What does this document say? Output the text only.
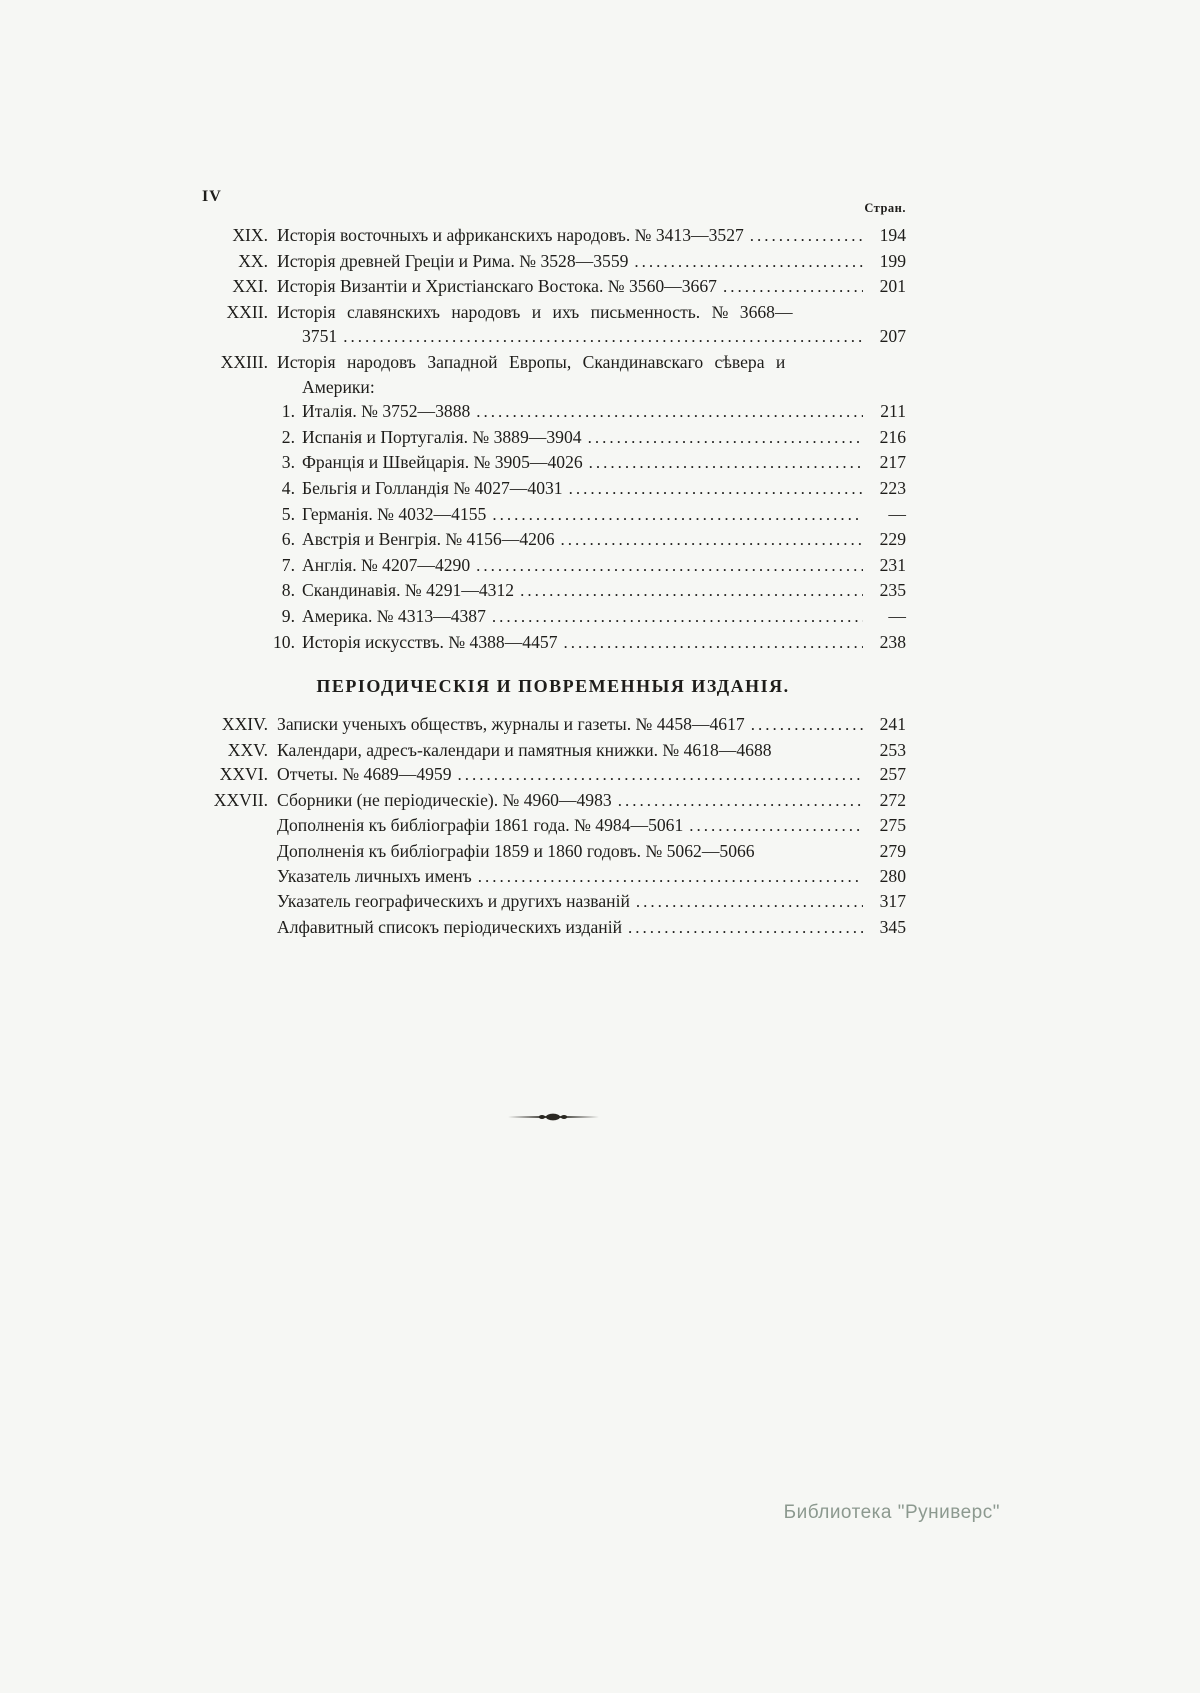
IV
Стран.
XIX. Исторія восточныхъ и африканскихъ народовъ. № 3413—3527 .....	194
XX. Исторія древней Греціи и Рима. № 3528—3559 .....	199
XXI. Исторія Византіи и Христіанскаго Востока. № 3560—3667 .....	201
XXII. Исторія славянскихъ народовъ и ихъ письменность. № 3668—
3751 .....	207
XXIII. Исторія народовъ Западной Европы, Скандинавскаго сѣвера и
Америки:
1. Италія. № 3752—3888 .....	211
2. Испанія и Португалія. № 3889—3904 .....	216
3. Франція и Швейцарія. № 3905—4026 .....	217
4. Бельгія и Голландія № 4027—4031 .....	223
5. Германія. № 4032—4155 .....	—
6. Австрія и Венгрія. № 4156—4206 .....	229
7. Англія. № 4207—4290 .....	231
8. Скандинавія. № 4291—4312 .....	235
9. Америка. № 4313—4387 .....	—
10. Исторія искусствъ. № 4388—4457 .....	238
ПЕРІОДИЧЕСКІЯ И ПОВРЕМЕННЫЯ ИЗДАНІЯ.
XXIV. Записки ученыхъ обществъ, журналы и газеты. № 4458—4617 .....	241
XXV. Календари, адресъ-календари и памятныя книжки. № 4618—4688	253
XXVI. Отчеты. № 4689—4959 .....	257
XXVII. Сборники (не періодическіе). № 4960—4983 .....	272
Дополненія къ библіографіи 1861 года. № 4984—5061 .....	275
Дополненія къ библіографіи 1859 и 1860 годовъ. № 5062—5066	279
Указатель личныхъ именъ .....	280
Указатель географическихъ и другихъ названій .....	317
Алфавитный списокъ періодическихъ изданій .....	345
Библиотека "Руниверс"
